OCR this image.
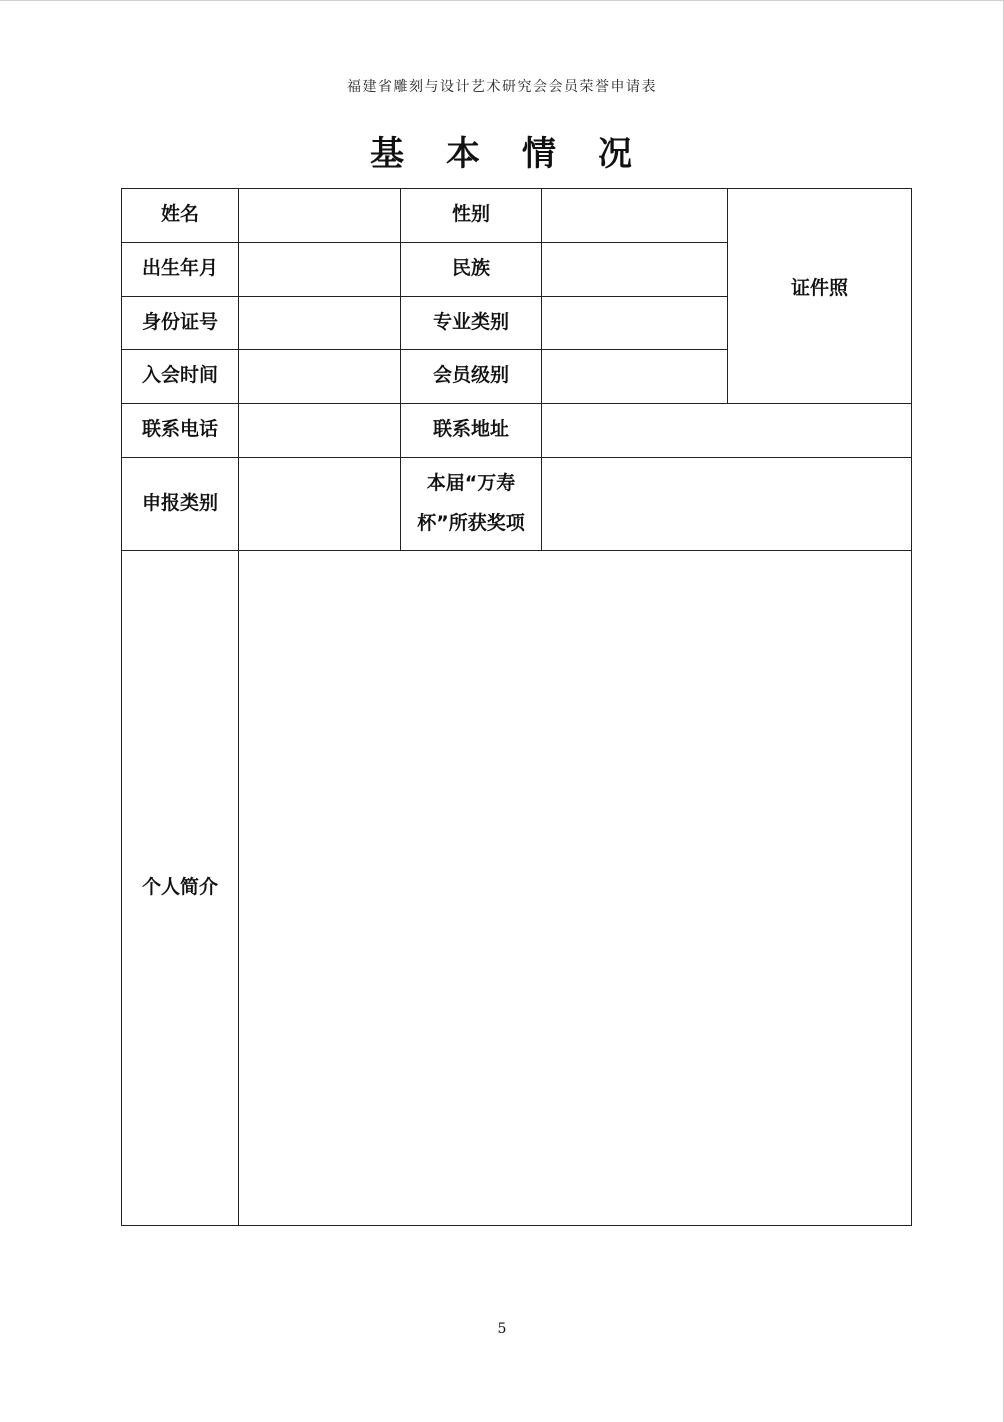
福建省雕刻与设计艺术研究会会员荣誉申请表
基 本 情 况
姓名		性别		证件照
出生年月		民族		
身份证号		专业类别		
入会时间		会员级别		
联系电话		联系地址		
申报类别		本届“万寿
杯”所获奖项		
个人简介				
5
